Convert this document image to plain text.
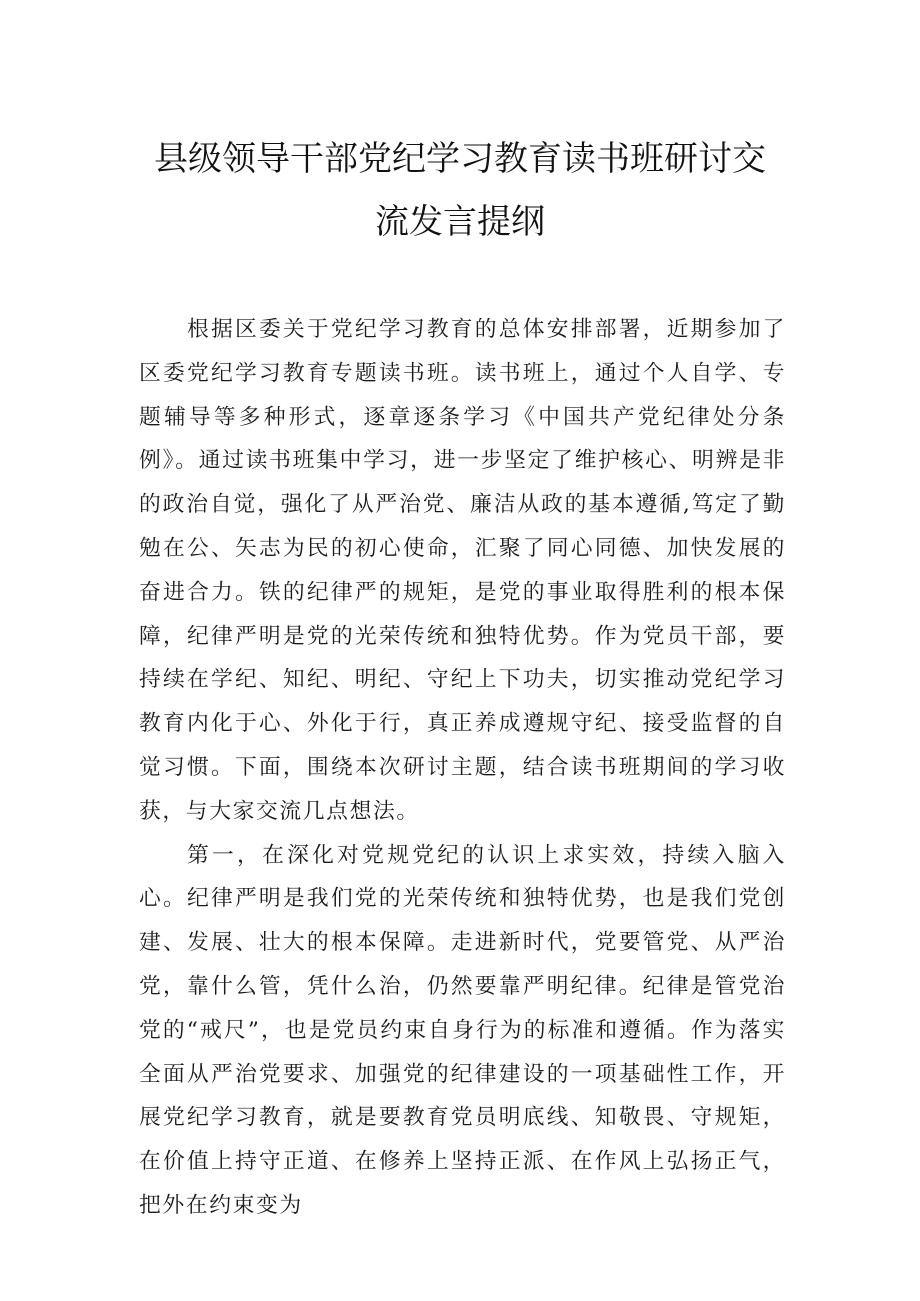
县级领导干部党纪学习教育读书班研讨交
流发言提纲

根据区委关于党纪学习教育的总体安排部署，近期参加了区委党纪学习教育专题读书班。读书班上，通过个人自学、专题辅导等多种形式，逐章逐条学习《中国共产党纪律处分条例》。通过读书班集中学习，进一步坚定了维护核心、明辨是非的政治自觉，强化了从严治党、廉洁从政的基本遵循,笃定了勤勉在公、矢志为民的初心使命，汇聚了同心同德、加快发展的奋进合力。铁的纪律严的规矩，是党的事业取得胜利的根本保障，纪律严明是党的光荣传统和独特优势。作为党员干部，要持续在学纪、知纪、明纪、守纪上下功夫，切实推动党纪学习教育内化于心、外化于行，真正养成遵规守纪、接受监督的自觉习惯。下面，围绕本次研讨主题，结合读书班期间的学习收获，与大家交流几点想法。

第一，在深化对党规党纪的认识上求实效，持续入脑入心。纪律严明是我们党的光荣传统和独特优势，也是我们党创建、发展、壮大的根本保障。走进新时代，党要管党、从严治党，靠什么管，凭什么治，仍然要靠严明纪律。纪律是管党治党的“戒尺”，也是党员约束自身行为的标准和遵循。作为落实全面从严治党要求、加强党的纪律建设的一项基础性工作，开展党纪学习教育，就是要教育党员明底线、知敬畏、守规矩，在价值上持守正道、在修养上坚持正派、在作风上弘扬正气，把外在约束变为
